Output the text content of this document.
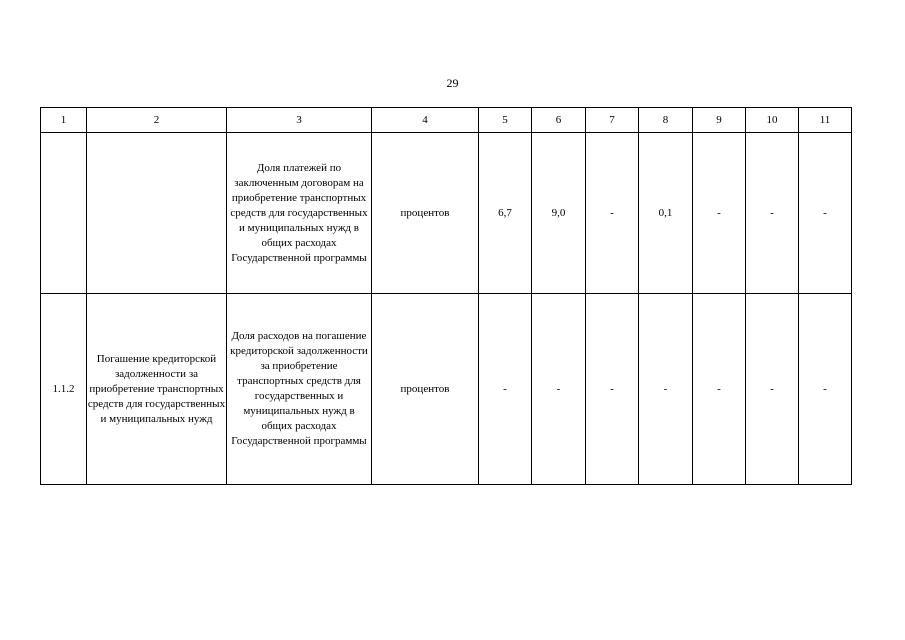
29
1	2	3	4	5	6	7	8	9	10	11
		Доля платежей по заключенным договорам на приобретение транспортных средств для государственных и муниципальных нужд в общих расходах Государственной программы	процентов	6,7	9,0	-	0,1	-	-	-
1.1.2	Погашение кредиторской задолженности за приобретение транспортных средств для государственных и муниципальных нужд	Доля расходов на погашение кредиторской задолженности за приобретение транспортных средств для государственных и муниципальных нужд в общих расходах Государственной программы	процентов	-	-	-	-	-	-	-
